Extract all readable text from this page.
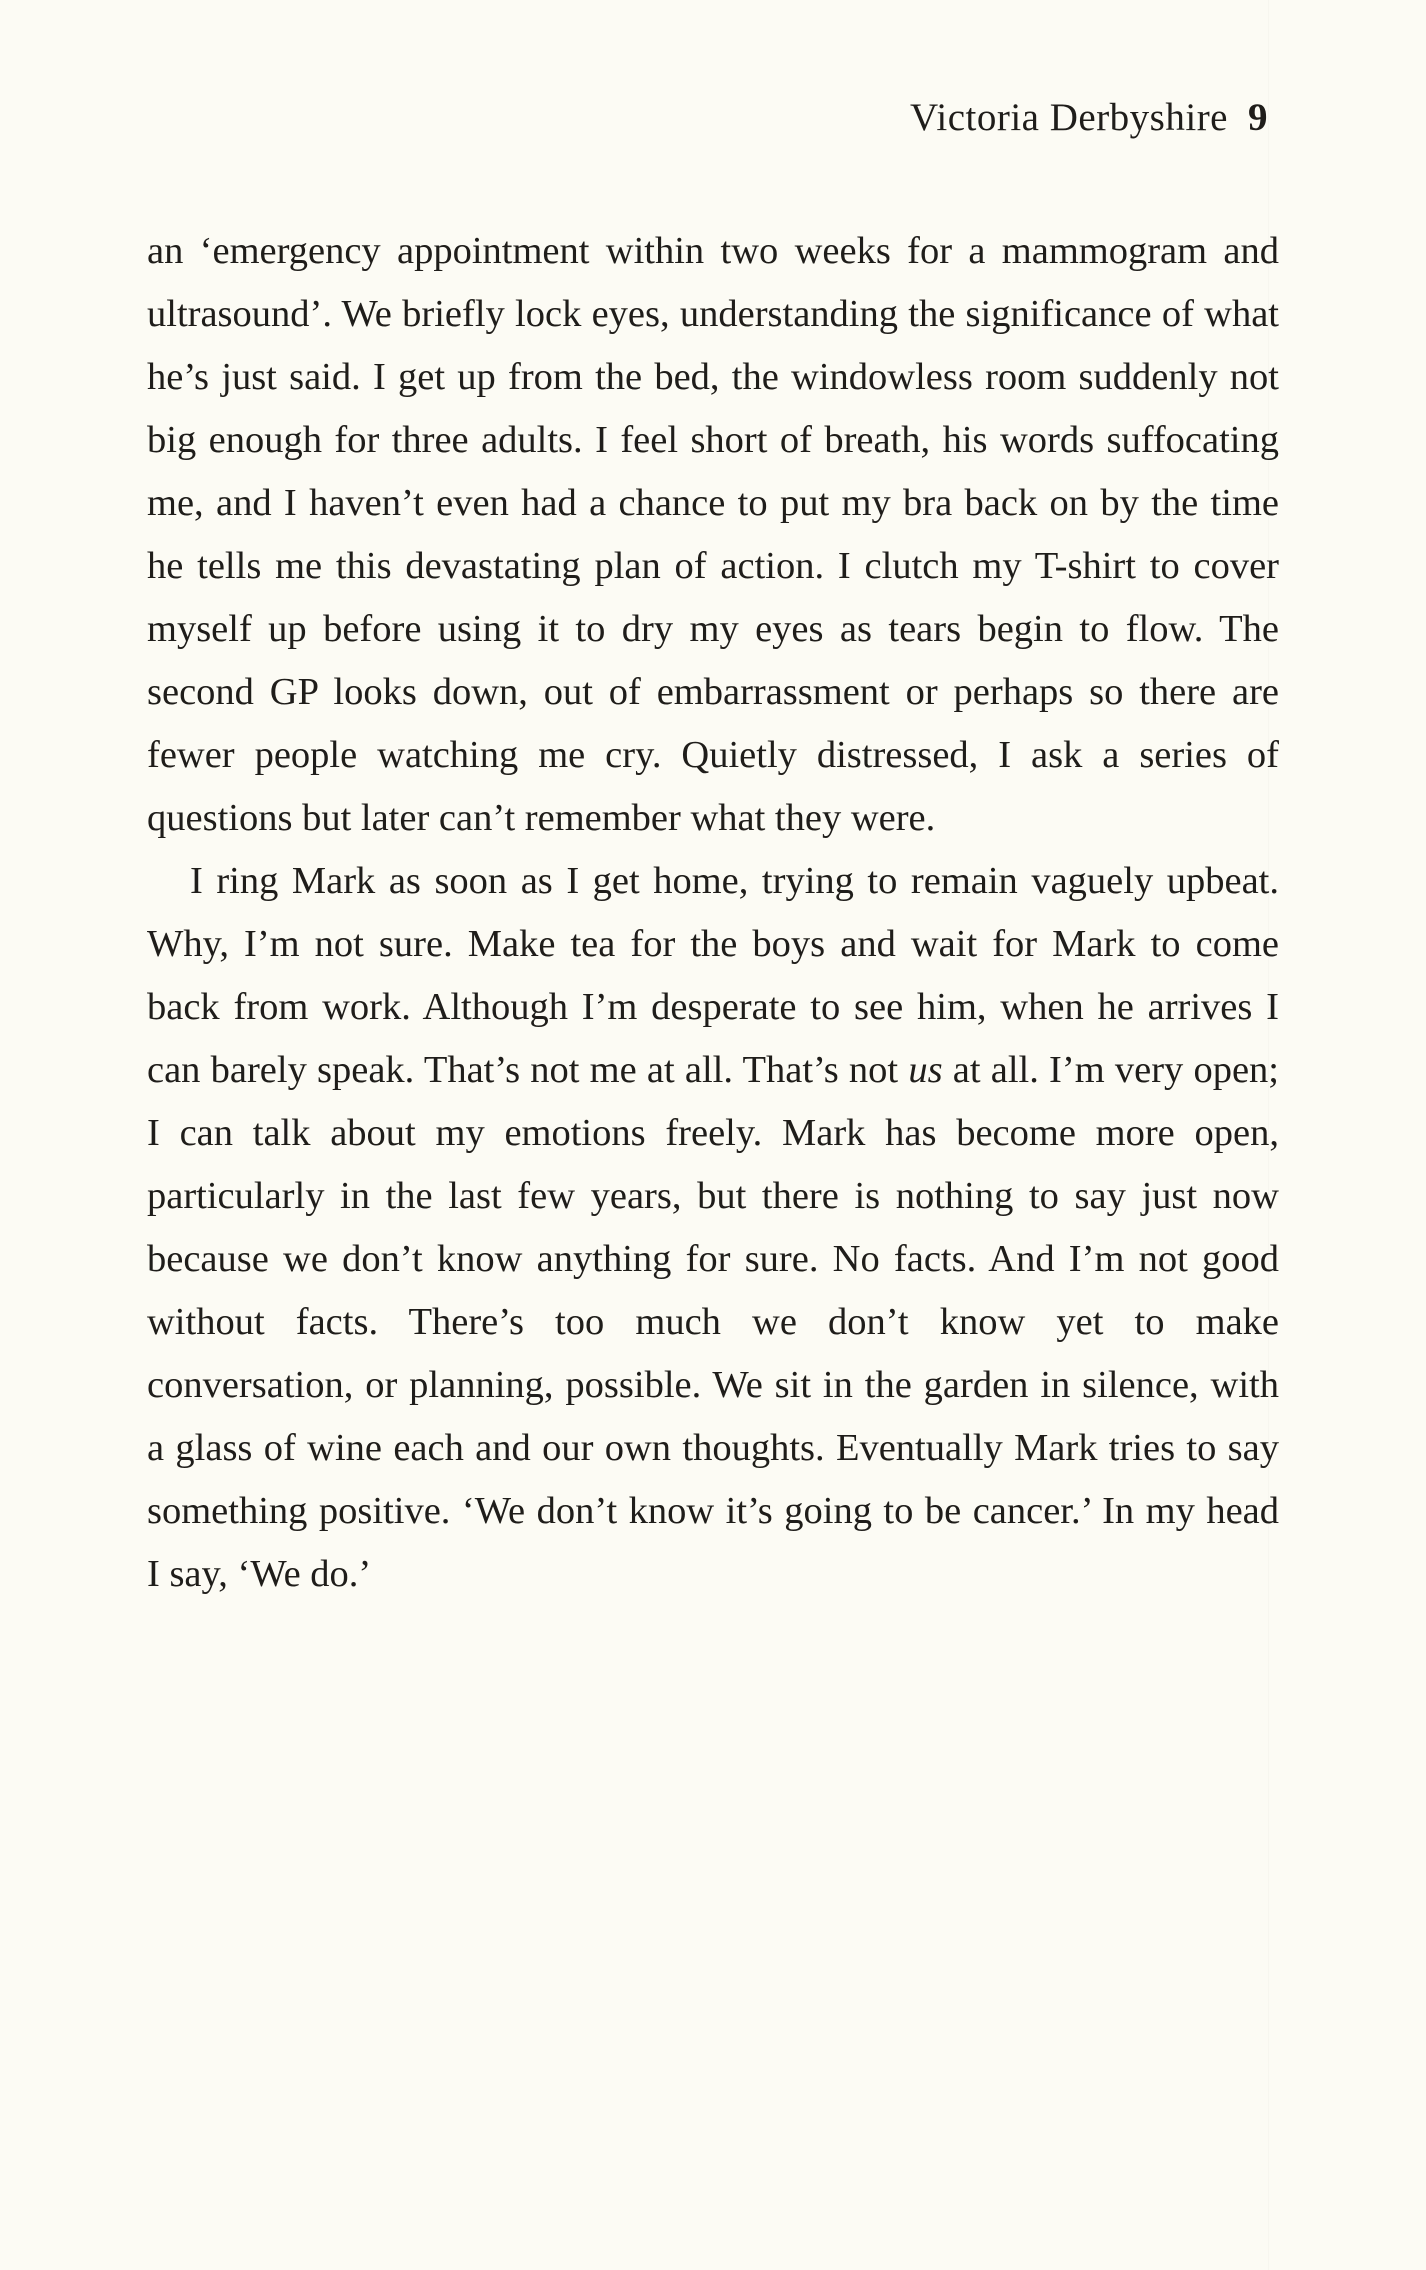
Victoria Derbyshire 9

an ‘emergency appointment within two weeks for a mammogram and ultrasound’. We briefly lock eyes, understanding the significance of what he’s just said. I get up from the bed, the windowless room suddenly not big enough for three adults. I feel short of breath, his words suffocating me, and I haven’t even had a chance to put my bra back on by the time he tells me this devastating plan of action. I clutch my T-shirt to cover myself up before using it to dry my eyes as tears begin to flow. The second GP looks down, out of embarrassment or perhaps so there are fewer people watching me cry. Quietly distressed, I ask a series of questions but later can’t remember what they were.

I ring Mark as soon as I get home, trying to remain vaguely upbeat. Why, I’m not sure. Make tea for the boys and wait for Mark to come back from work. Although I’m desperate to see him, when he arrives I can barely speak. That’s not me at all. That’s not us at all. I’m very open; I can talk about my emotions freely. Mark has become more open, particularly in the last few years, but there is nothing to say just now because we don’t know anything for sure. No facts. And I’m not good without facts. There’s too much we don’t know yet to make conversation, or planning, possible. We sit in the garden in silence, with a glass of wine each and our own thoughts. Eventually Mark tries to say something positive. ‘We don’t know it’s going to be cancer.’ In my head I say, ‘We do.’
